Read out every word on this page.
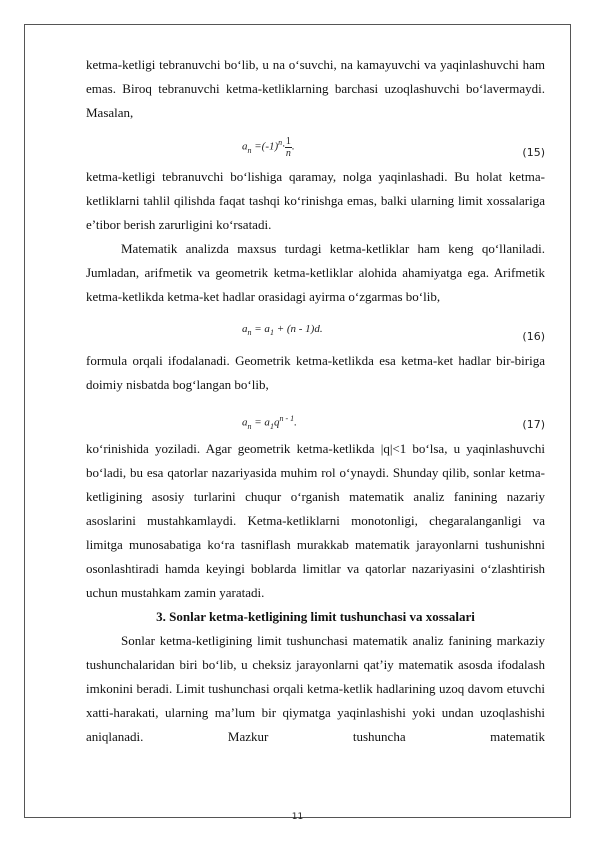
ketma-ketligi tebranuvchi bo‘lib, u na o‘suvchi, na kamayuvchi va yaqinlashuvchi ham emas. Biroq tebranuvchi ketma-ketliklarning barchasi uzoqlashuvchi bo‘lavermaydi. Masalan,

$a_n =(-1)^n\cdot \frac{1}{n}$ .	(15)

ketma-ketligi tebranuvchi bo‘lishiga qaramay, nolga yaqinlashadi. Bu holat ketma-ketliklarni tahlil qilishda faqat tashqi ko‘rinishga emas, balki ularning limit xossalariga e’tibor berish zarurligini ko‘rsatadi.

Matematik analizda maxsus turdagi ketma-ketliklar ham keng qo‘llaniladi. Jumladan, arifmetik va geometrik ketma-ketliklar alohida ahamiyatga ega. Arifmetik ketma-ketlikda ketma-ket hadlar orasidagi ayirma o‘zgarmas bo‘lib,

$a_n = a_1 + (n - 1)d$.
(16)

formula orqali ifodalanadi. Geometrik ketma-ketlikda esa ketma-ket hadlar bir-biriga doimiy nisbatda bog‘langan bo‘lib,

$a_n = a_1q^{n - 1}$.	(17)

ko‘rinishida yoziladi. Agar geometrik ketma-ketlikda |q|<1 bo‘lsa, u yaqinlashuvchi bo‘ladi, bu esa qatorlar nazariyasida muhim rol o‘ynaydi. Shunday qilib, sonlar ketma-ketligining asosiy turlarini chuqur o‘rganish matematik analiz fanining nazariy asoslarini mustahkamlaydi. Ketma-ketliklarni monotonligi, chegaralanganligi va limitga munosabatiga ko‘ra tasniflash murakkab matematik jarayonlarni tushunishni osonlashtiradi hamda keyingi boblarda limitlar va qatorlar nazariyasini o‘zlashtirish uchun mustahkam zamin yaratadi.

3. Sonlar ketma-ketligining limit tushunchasi va xossalari

Sonlar ketma-ketligining limit tushunchasi matematik analiz fanining markaziy tushunchalaridan biri bo‘lib, u cheksiz jarayonlarni qat’iy matematik asosda ifodalash imkonini beradi. Limit tushunchasi orqali ketma-ketlik hadlarining uzoq davom etuvchi xatti-harakati, ularning ma’lum bir qiymatga yaqinlashishi yoki undan uzoqlashishi aniqlanadi. Mazkur tushuncha matematik

11
